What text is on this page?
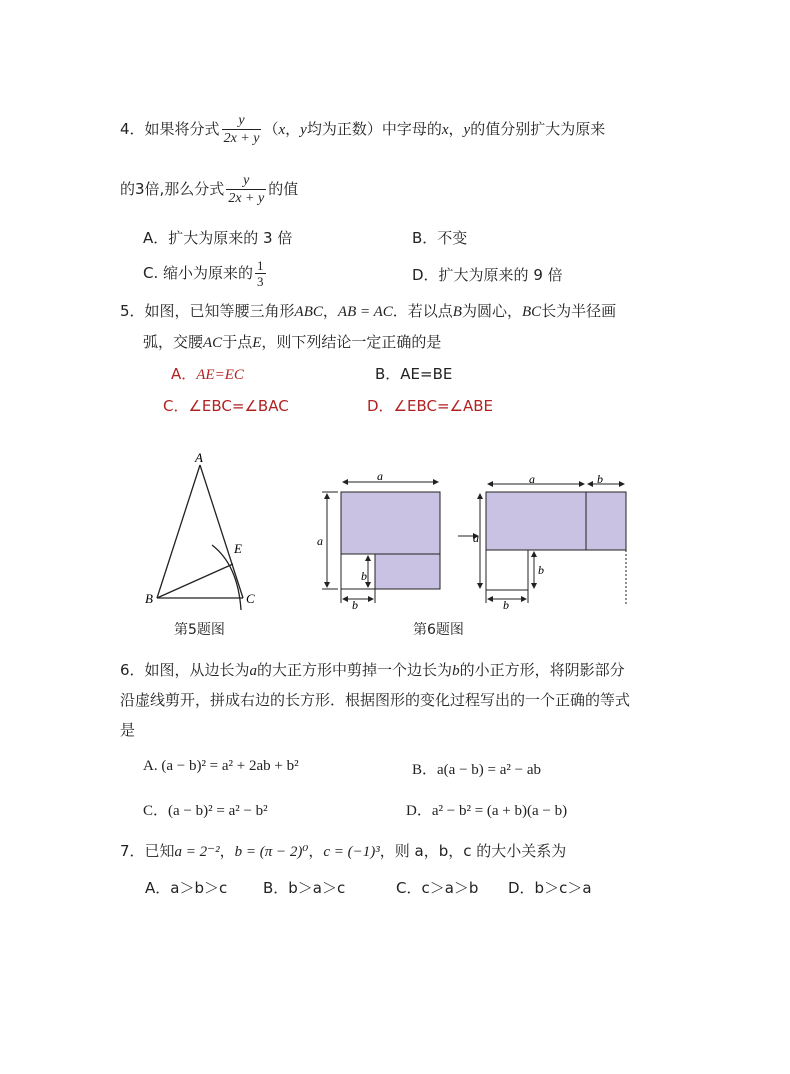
4．如果将分式 $\frac{y}{2x + y} (x$，y均为正数）中字母的x，y的值分别扩大为原来
的3倍,那么分式 $\frac{y}{2x + y}$ 的值
A．扩大为原来的 3 倍	B．不变
C. 缩小为原来的 $\frac{1}{3}$	D．扩大为原来的 9 倍
5．如图，已知等腰三角形ABC，AB = AC．若以点B为圆心，BC长为半径画
弧，交腰AC于点E，则下列结论一定正确的是
A．AE=EC	B．AE=BE
C．∠EBC=∠BAC	D．∠EBC=∠ABE
A
B	C
E
第5题图
a
a
b
b
a	b
a
b
b
第6题图
6．如图，从边长为a的大正方形中剪掉一个边长为b的小正方形，将阴影部分
沿虚线剪开，拼成右边的长方形．根据图形的变化过程写出的一个正确的等式
是
A. (a − b)² = a² + 2ab + b²	B．a(a − b) = a² − ab
C．(a − b)² = a² − b²	D．a² − b² = (a + b)(a − b)
7．已知a = 2⁻²，b = (π − 2)⁰，c = (−1)³，则 a，b，c 的大小关系为
A．a＞b＞c B．b＞a＞c	C．c＞a＞b D．b＞c＞a
